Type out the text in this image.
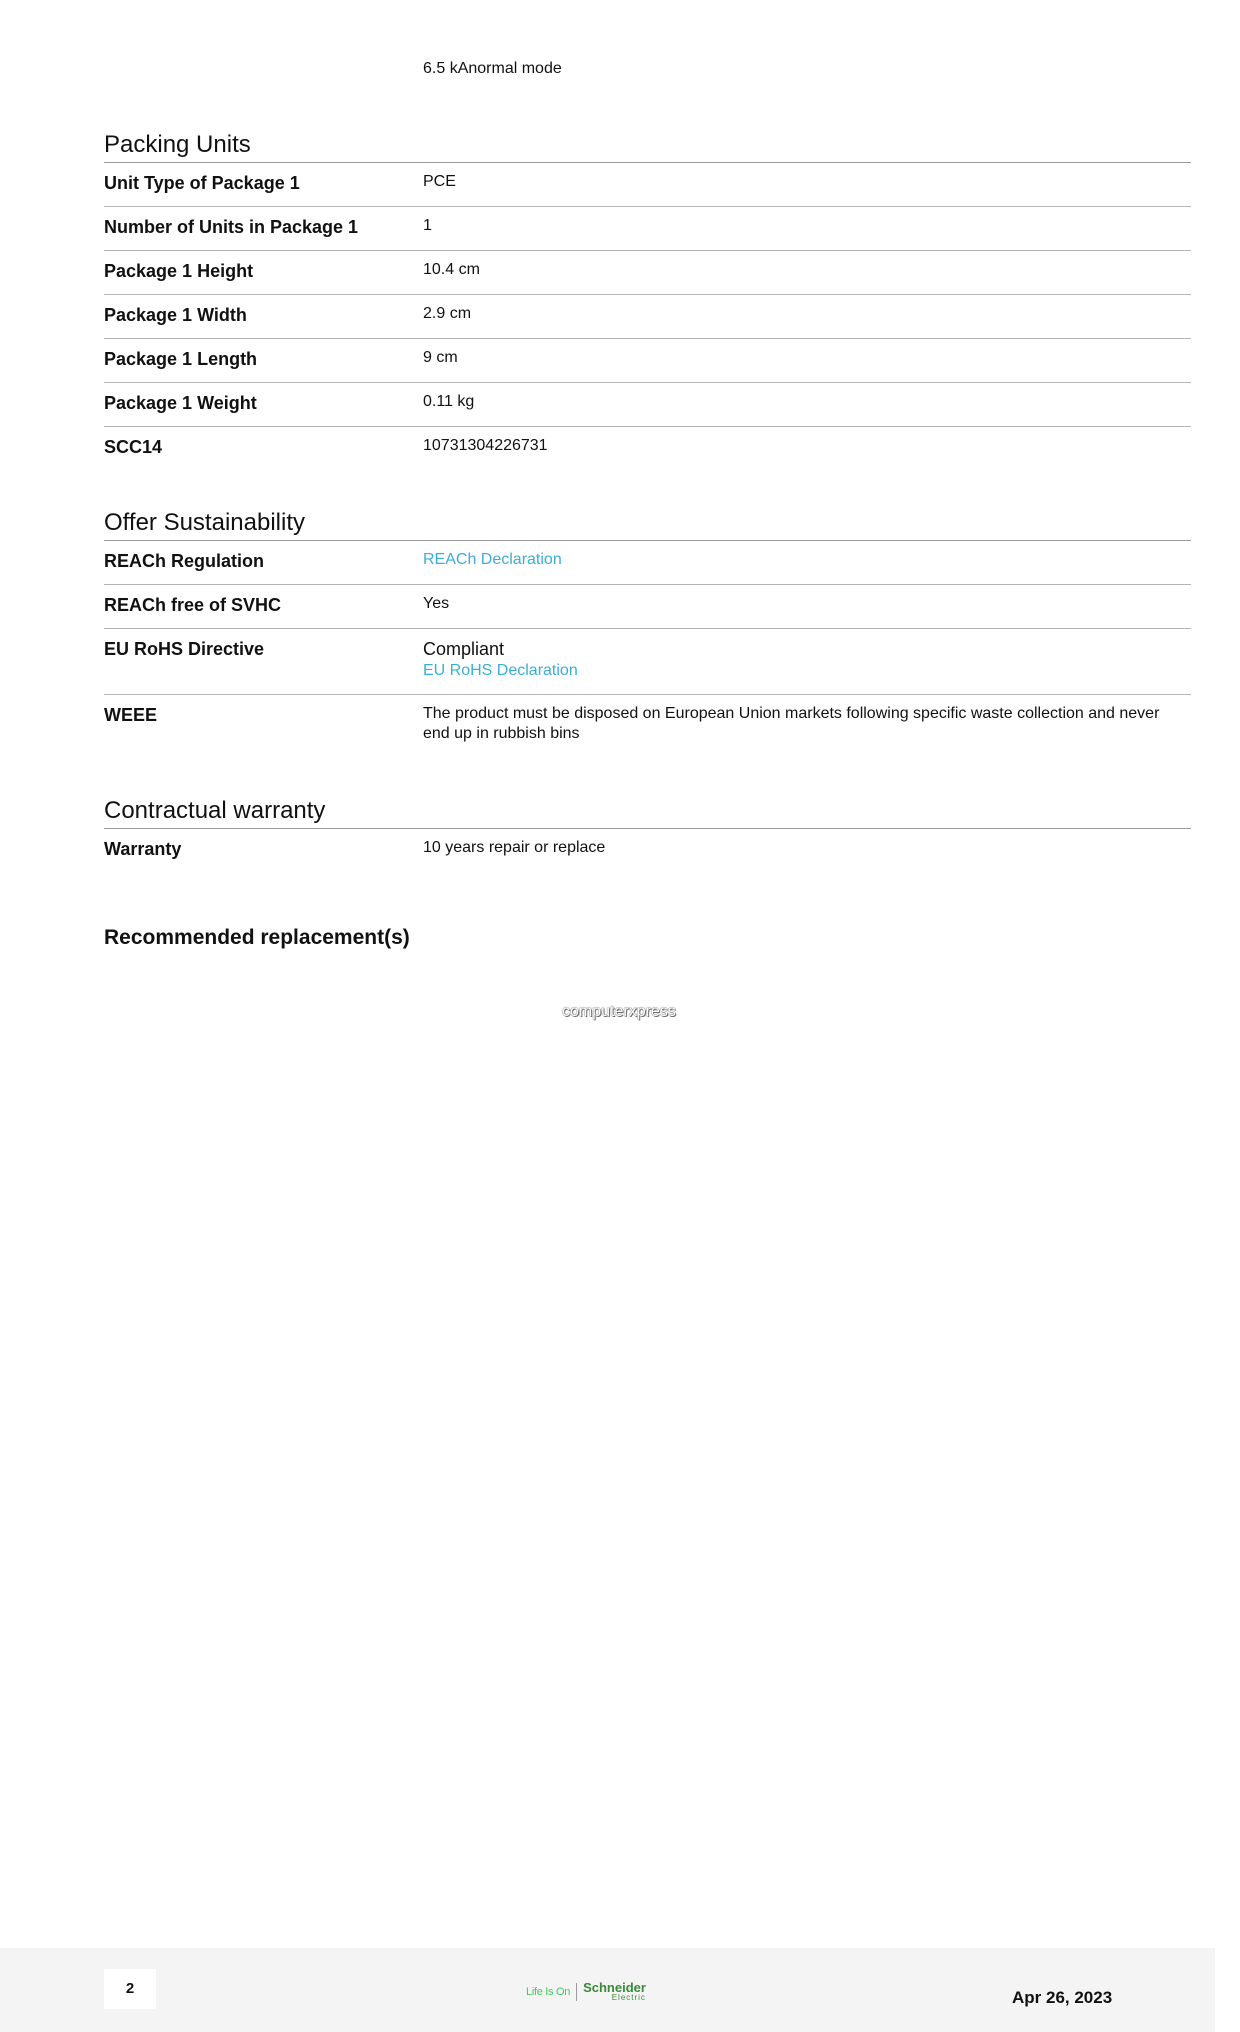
6.5 kAnormal mode
Packing Units
Unit Type of Package 1	PCE
Number of Units in Package 1	1
Package 1 Height	10.4 cm
Package 1 Width	2.9 cm
Package 1 Length	9 cm
Package 1 Weight	0.11 kg
SCC14	10731304226731
Offer Sustainability
REACh Regulation	REACh Declaration
REACh free of SVHC	Yes
EU RoHS Directive	Compliant
EU RoHS Declaration
WEEE	The product must be disposed on European Union markets following specific waste collection and never end up in rubbish bins
Contractual warranty
Warranty	10 years repair or replace
Recommended replacement(s)
computerxpress
2	Life Is On Schneider
Electric	Apr 26, 2023
